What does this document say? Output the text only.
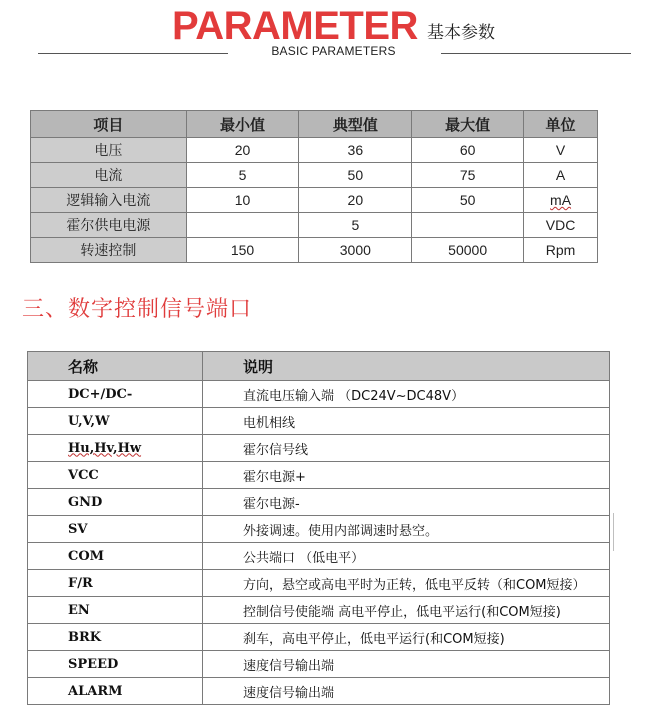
PARAMETER 基本参数
BASIC PARAMETERS
项目	最小值	典型值	最大值	单位
电压	20	36	60	V
电流	5	50	75	A
逻辑输入电流	10	20	50	mA
霍尔供电电源		5		VDC
转速控制	150	3000	50000	Rpm
三、数字控制信号端口
名称	说明
DC+/DC-	直流电压输入端 （DC24V~DC48V）
U,V,W	电机相线
Hu,Hv,Hw	霍尔信号线
VCC	霍尔电源+
GND	霍尔电源-
SV	外接调速。使用内部调速时悬空。
COM	公共端口 （低电平）
F/R	方向，悬空或高电平时为正转，低电平反转（和COM短接）
EN	控制信号使能端 高电平停止，低电平运行(和COM短接)
BRK	刹车，高电平停止，低电平运行(和COM短接)
SPEED	速度信号输出端
ALARM	速度信号输出端
